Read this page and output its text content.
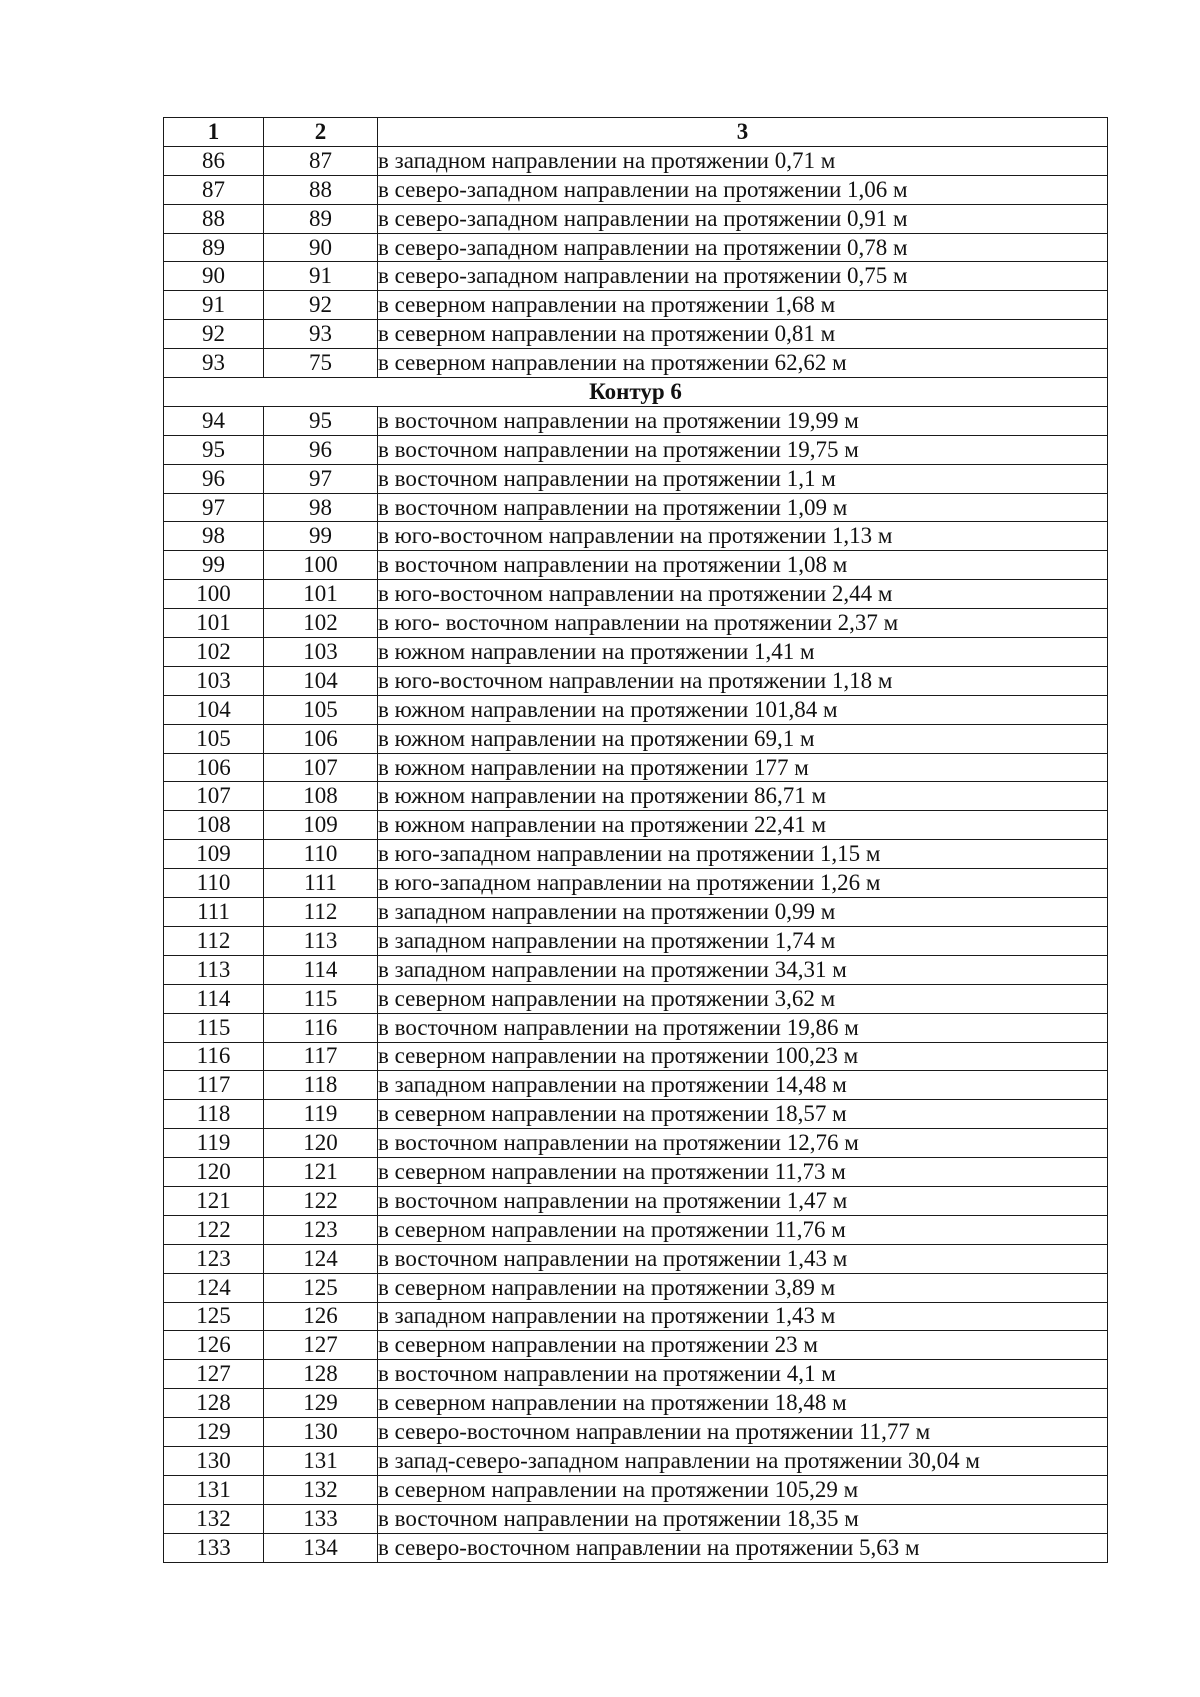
1	2	3
86	87	в западном направлении на протяжении 0,71 м
87	88	в северо-западном направлении на протяжении 1,06 м
88	89	в северо-западном направлении на протяжении 0,91 м
89	90	в северо-западном направлении на протяжении 0,78 м
90	91	в северо-западном направлении на протяжении 0,75 м
91	92	в северном направлении на протяжении 1,68 м
92	93	в северном направлении на протяжении 0,81 м
93	75	в северном направлении на протяжении 62,62 м
Контур 6		
94	95	в восточном направлении на протяжении 19,99 м
95	96	в восточном направлении на протяжении 19,75 м
96	97	в восточном направлении на протяжении 1,1 м
97	98	в восточном направлении на протяжении 1,09 м
98	99	в юго-восточном направлении на протяжении 1,13 м
99	100	в восточном направлении на протяжении 1,08 м
100	101	в юго-восточном направлении на протяжении 2,44 м
101	102	в юго- восточном направлении на протяжении 2,37 м
102	103	в южном направлении на протяжении 1,41 м
103	104	в юго-восточном направлении на протяжении 1,18 м
104	105	в южном направлении на протяжении 101,84 м
105	106	в южном направлении на протяжении 69,1 м
106	107	в южном направлении на протяжении 177 м
107	108	в южном направлении на протяжении 86,71 м
108	109	в южном направлении на протяжении 22,41 м
109	110	в юго-западном направлении на протяжении 1,15 м
110	111	в юго-западном направлении на протяжении 1,26 м
111	112	в западном направлении на протяжении 0,99 м
112	113	в западном направлении на протяжении 1,74 м
113	114	в западном направлении на протяжении 34,31 м
114	115	в северном направлении на протяжении 3,62 м
115	116	в восточном направлении на протяжении 19,86 м
116	117	в северном направлении на протяжении 100,23 м
117	118	в западном направлении на протяжении 14,48 м
118	119	в северном направлении на протяжении 18,57 м
119	120	в восточном направлении на протяжении 12,76 м
120	121	в северном направлении на протяжении 11,73 м
121	122	в восточном направлении на протяжении 1,47 м
122	123	в северном направлении на протяжении 11,76 м
123	124	в восточном направлении на протяжении 1,43 м
124	125	в северном направлении на протяжении 3,89 м
125	126	в западном направлении на протяжении 1,43 м
126	127	в северном направлении на протяжении 23 м
127	128	в восточном направлении на протяжении 4,1 м
128	129	в северном направлении на протяжении 18,48 м
129	130	в северо-восточном направлении на протяжении 11,77 м
130	131	в запад-северо-западном направлении на протяжении 30,04 м
131	132	в северном направлении на протяжении 105,29 м
132	133	в восточном направлении на протяжении 18,35 м
133	134	в северо-восточном направлении на протяжении 5,63 м
